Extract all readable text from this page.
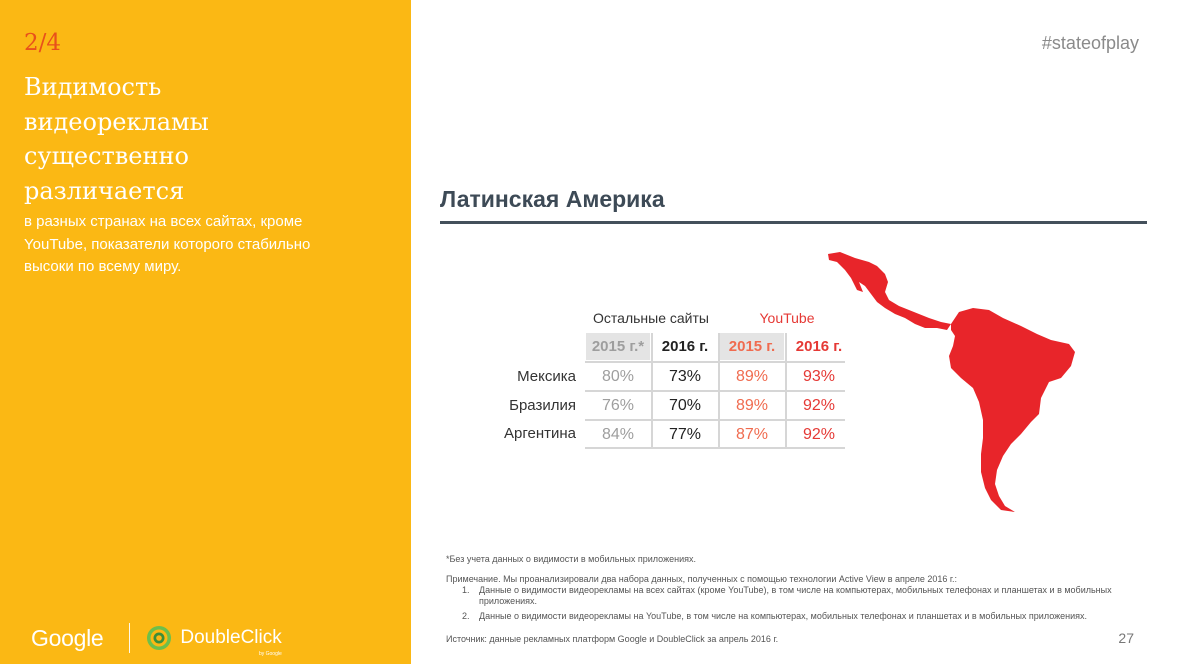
2/4
Видимость
видеорекламы
существенно
различается
в разных странах на всех сайтах, кроме YouTube, показатели которого стабильно высоки по всему миру.
Google	DoubleClick
by Google
#stateofplay
Латинская Америка
Остальные сайты	YouTube
2015 г.*	2016 г.	2015 г.	2016 г.
Мексика	80%	73%	89%	93%
Бразилия	76%	70%	89%	92%
Аргентина	84%	77%	87%	92%
*Без учета данных о видимости в мобильных приложениях.
Примечание. Мы проанализировали два набора данных, полученных с помощью технологии Active View в апреле 2016 г.:
1. Данные о видимости видеорекламы на всех сайтах (кроме YouTube), в том числе на компьютерах, мобильных телефонах и планшетах и в мобильных приложениях.
2. Данные о видимости видеорекламы на YouTube, в том числе на компьютерах, мобильных телефонах и планшетах и в мобильных приложениях.
Источник: данные рекламных платформ Google и DoubleClick за апрель 2016 г.	27
